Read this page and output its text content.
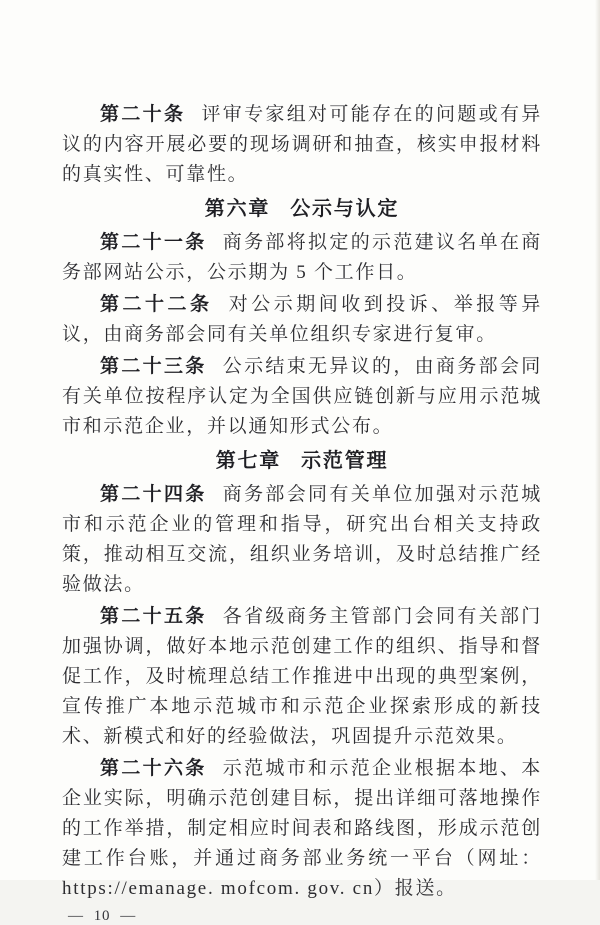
第二十条 评审专家组对可能存在的问题或有异议的内容开展必要的现场调研和抽查，核实申报材料的真实性、可靠性。

第六章 公示与认定

第二十一条 商务部将拟定的示范建议名单在商务部网站公示，公示期为 5 个工作日。

第二十二条 对公示期间收到投诉、举报等异议，由商务部会同有关单位组织专家进行复审。

第二十三条 公示结束无异议的，由商务部会同有关单位按程序认定为全国供应链创新与应用示范城市和示范企业，并以通知形式公布。

第七章 示范管理

第二十四条 商务部会同有关单位加强对示范城市和示范企业的管理和指导，研究出台相关支持政策，推动相互交流，组织业务培训，及时总结推广经验做法。

第二十五条 各省级商务主管部门会同有关部门加强协调，做好本地示范创建工作的组织、指导和督促工作，及时梳理总结工作推进中出现的典型案例，宣传推广本地示范城市和示范企业探索形成的新技术、新模式和好的经验做法，巩固提升示范效果。

第二十六条 示范城市和示范企业根据本地、本企业实际，明确示范创建目标，提出详细可落地操作的工作举措，制定相应时间表和路线图，形成示范创建工作台账，并通过商务部业务统一平台（网址：https://emanage. mofcom. gov. cn）报送。

— 10 —
